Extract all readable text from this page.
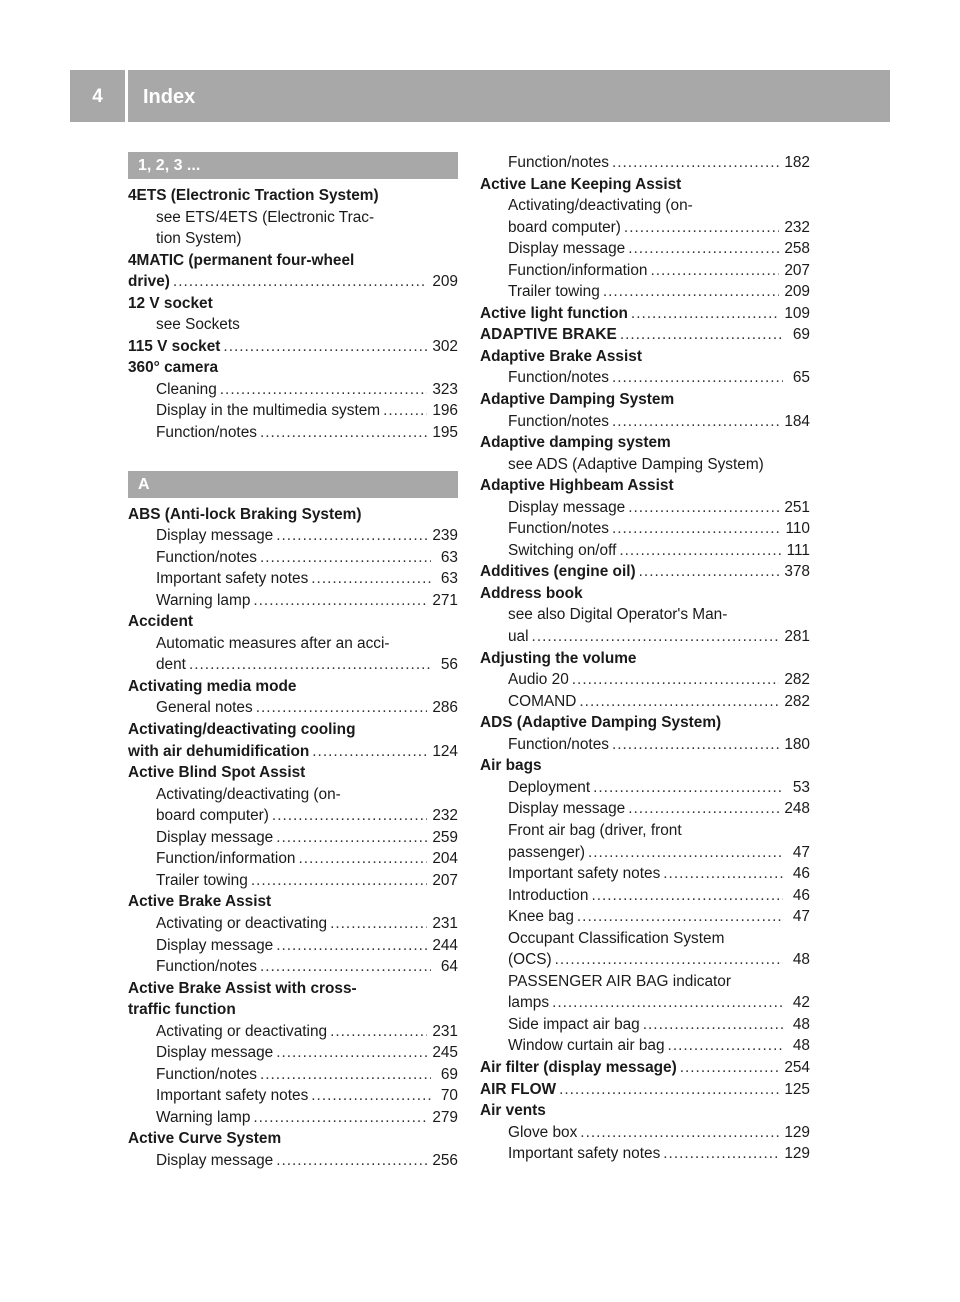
4	Index
1, 2, 3 ...
4ETS (Electronic Traction System)
see ETS/4ETS (Electronic Trac-
tion System)
4MATIC (permanent four-wheel
drive) .....	209
12 V socket
see Sockets
115 V socket .....	302
360° camera
Cleaning .....	323
Display in the multimedia system .....	196
Function/notes .....	195
A
ABS (Anti-lock Braking System)
Display message .....	239
Function/notes .....	63
Important safety notes .....	63
Warning lamp .....	271
Accident
Automatic measures after an acci-
dent .....	56
Activating media mode
General notes .....	286
Activating/deactivating cooling
with air dehumidification .....	124
Active Blind Spot Assist
Activating/deactivating (on-
board computer) .....	232
Display message .....	259
Function/information .....	204
Trailer towing .....	207
Active Brake Assist
Activating or deactivating .....	231
Display message .....	244
Function/notes .....	64
Active Brake Assist with cross-
traffic function
Activating or deactivating .....	231
Display message .....	245
Function/notes .....	69
Important safety notes .....	70
Warning lamp .....	279
Active Curve System
Display message .....	256
Function/notes .....	182
Active Lane Keeping Assist
Activating/deactivating (on-
board computer) .....	232
Display message .....	258
Function/information .....	207
Trailer towing .....	209
Active light function .....	109
ADAPTIVE BRAKE .....	69
Adaptive Brake Assist
Function/notes .....	65
Adaptive Damping System
Function/notes .....	184
Adaptive damping system
see ADS (Adaptive Damping System)
Adaptive Highbeam Assist
Display message .....	251
Function/notes .....	110
Switching on/off .....	111
Additives (engine oil) .....	378
Address book
see also Digital Operator's Man-
ual .....	281
Adjusting the volume
Audio 20 .....	282
COMAND .....	282
ADS (Adaptive Damping System)
Function/notes .....	180
Air bags
Deployment .....	53
Display message .....	248
Front air bag (driver, front
passenger) .....	47
Important safety notes .....	46
Introduction .....	46
Knee bag .....	47
Occupant Classification System
(OCS) .....	48
PASSENGER AIR BAG indicator
lamps .....	42
Side impact air bag .....	48
Window curtain air bag .....	48
Air filter (display message) .....	254
AIR FLOW .....	125
Air vents
Glove box .....	129
Important safety notes .....	129
